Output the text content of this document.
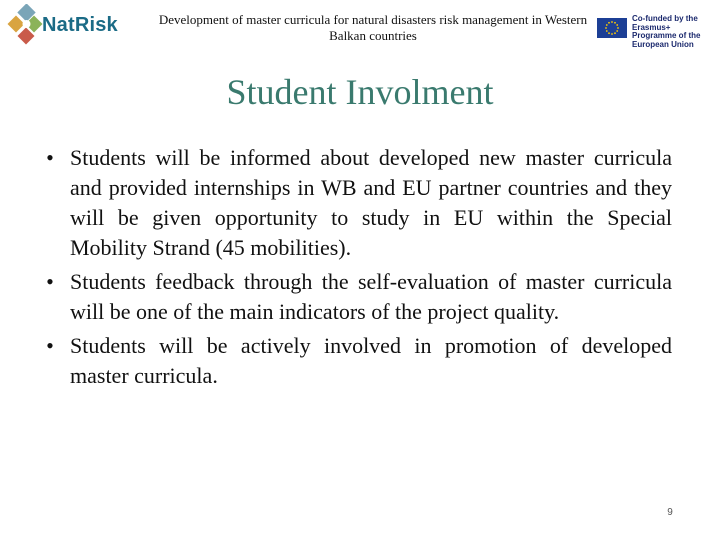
NatRisk	Development of master curricula for natural disasters risk management in Western Balkan countries
Co-funded by the Erasmus+ Programme of the European Union
Student Involment
• Students will be informed about developed new master curricula and provided internships in WB and EU partner countries and they will be given opportunity to study in EU within the Special Mobility Strand (45 mobilities).
• Students feedback through the self-evaluation of master curricula will be one of the main indicators of the project quality.
• Students will be actively involved in promotion of developed master curricula.
9
